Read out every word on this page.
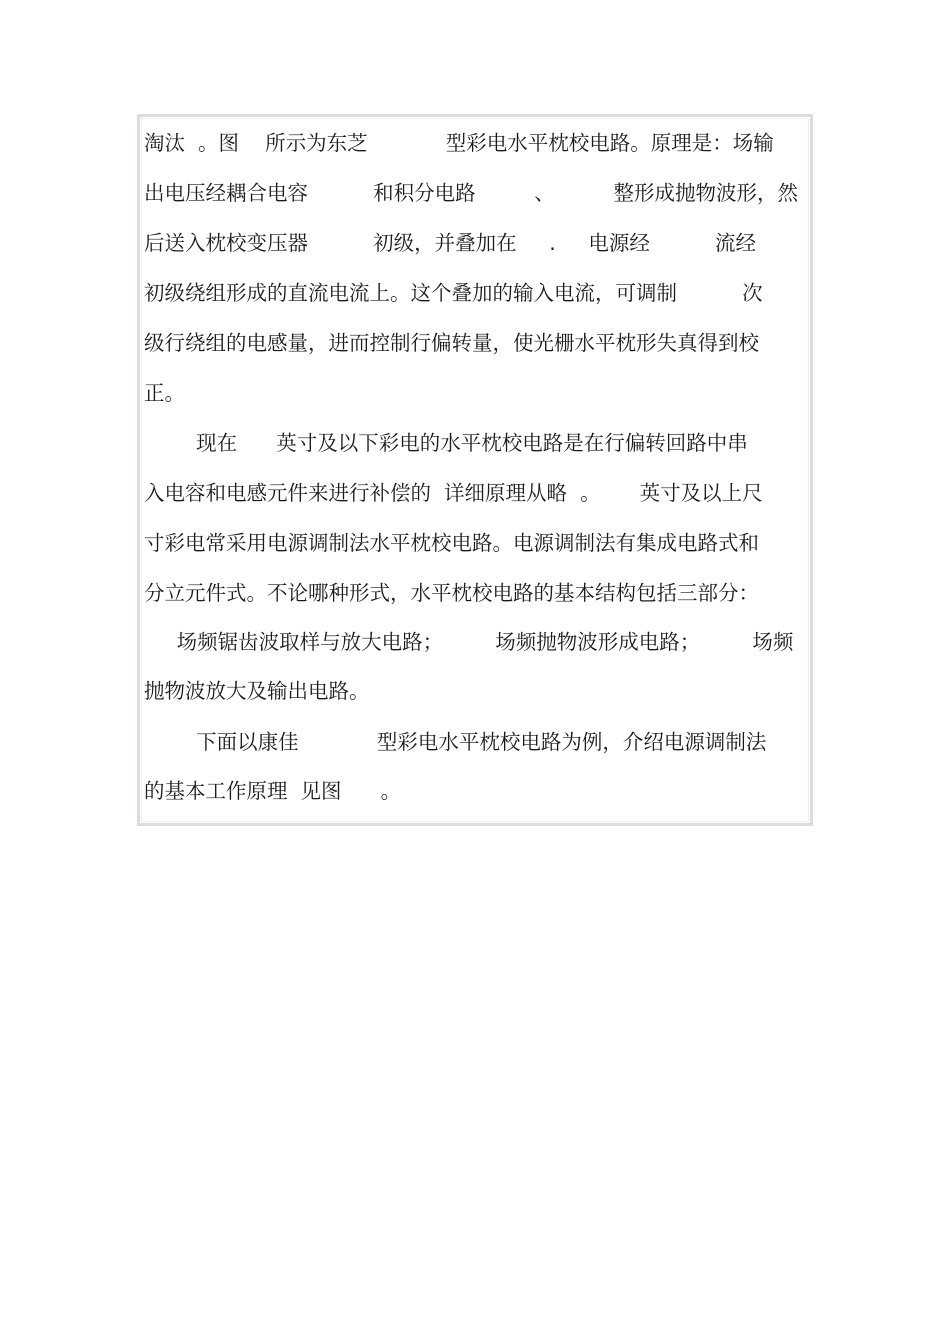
淘汰  。图    所示为东芝            型彩电水平枕校电路。原理是：场输
出电压经耦合电容          和积分电路         、         整形成抛物波形，然
后送入枕校变压器          初级，并叠加在     .     电源经          流经
初级绕组形成的直流电流上。这个叠加的输入电流，可调制          次
级行绕组的电感量，进而控制行偏转量，使光栅水平枕形失真得到校
正。
现在      英寸及以下彩电的水平枕校电路是在行偏转回路中串
入电容和电感元件来进行补偿的  详细原理从略  。      英寸及以上尺
寸彩电常采用电源调制法水平枕校电路。电源调制法有集成电路式和
分立元件式。不论哪种形式，水平枕校电路的基本结构包括三部分：
场频锯齿波取样与放大电路；        场频抛物波形成电路；        场频
抛物波放大及输出电路。
下面以康佳            型彩电水平枕校电路为例，介绍电源调制法
的基本工作原理  见图      。
